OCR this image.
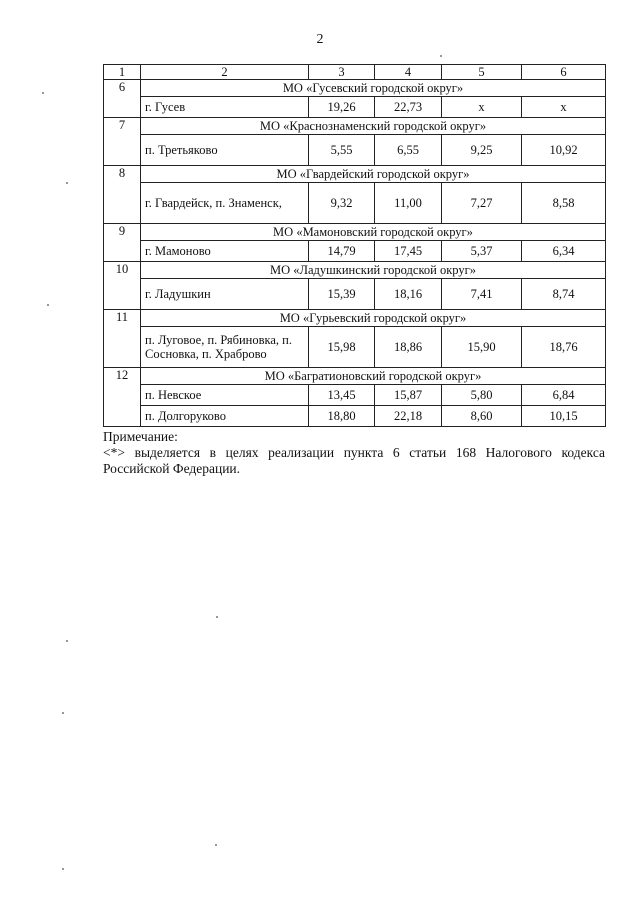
2
1	2	3	4	5	6
6	МО «Гусевский городской округ»				
	г. Гусев	19,26	22,73	х	х
7	МО «Краснознаменский городской округ»				
	п. Третьяково	5,55	6,55	9,25	10,92
8	МО «Гвардейский городской округ»				
	г. Гвардейск, п. Знаменск,	9,32	11,00	7,27	8,58
9	МО «Мамоновский городской округ»				
	г. Мамоново	14,79	17,45	5,37	6,34
10	МО «Ладушкинский городской округ»				
	г. Ладушкин	15,39	18,16	7,41	8,74
11	МО «Гурьевский городской округ»				
	п. Луговое, п. Рябиновка, п. Сосновка, п. Храброво	15,98	18,86	15,90	18,76
12	МО «Багратионовский городской округ»				
	п. Невское	13,45	15,87	5,80	6,84
	п. Долгоруково	18,80	22,18	8,60	10,15
Примечание:
<*> выделяется в целях реализации пункта 6 статьи 168 Налогового кодекса Российской Федерации.
